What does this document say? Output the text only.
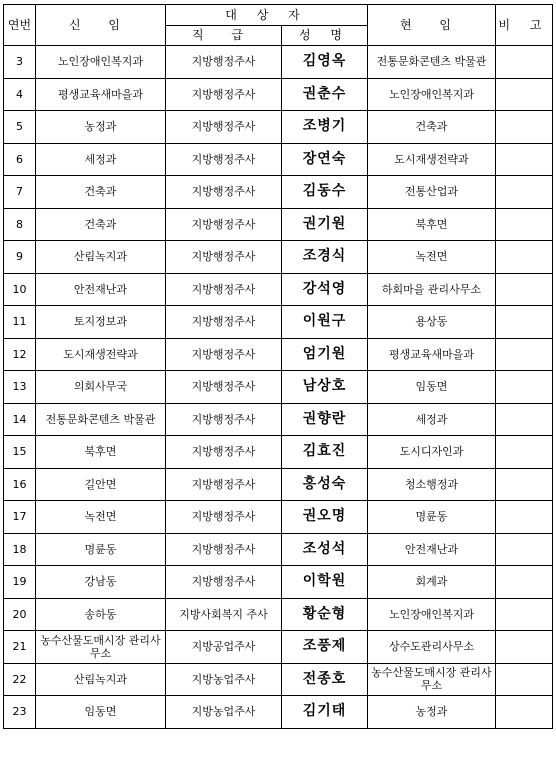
연번	신 임	대 상 자		현 임	비 고
		직 급	성 명		
3	노인장애인복지과	지방행정주사	김영옥	전통문화콘텐츠 박물관	
4	평생교육새마을과	지방행정주사	권춘수	노인장애인복지과	
5	농정과	지방행정주사	조병기	건축과	
6	세정과	지방행정주사	장연숙	도시재생전략과	
7	건축과	지방행정주사	김동수	전통산업과	
8	건축과	지방행정주사	권기원	북후면	
9	산림녹지과	지방행정주사	조경식	녹전면	
10	안전재난과	지방행정주사	강석영	하회마을 관리사무소	
11	토지정보과	지방행정주사	이원구	용상동	
12	도시재생전략과	지방행정주사	엄기원	평생교육새마을과	
13	의회사무국	지방행정주사	남상호	임동면	
14	전통문화콘텐츠 박물관	지방행정주사	권향란	세정과	
15	북후면	지방행정주사	김효진	도시디자인과	
16	길안면	지방행정주사	홍성숙	청소행정과	
17	녹전면	지방행정주사	권오명	명륜동	
18	명륜동	지방행정주사	조성석	안전재난과	
19	강남동	지방행정주사	이학원	회계과	
20	송하동	지방사회복지 주사	황순형	노인장애인복지과	
21	농수산물도매시장 관리사무소	지방공업주사	조풍제	상수도관리사무소	
22	산림녹지과	지방농업주사	전종호	농수산물도매시장 관리사무소	
23	임동면	지방농업주사	김기태	농정과	
